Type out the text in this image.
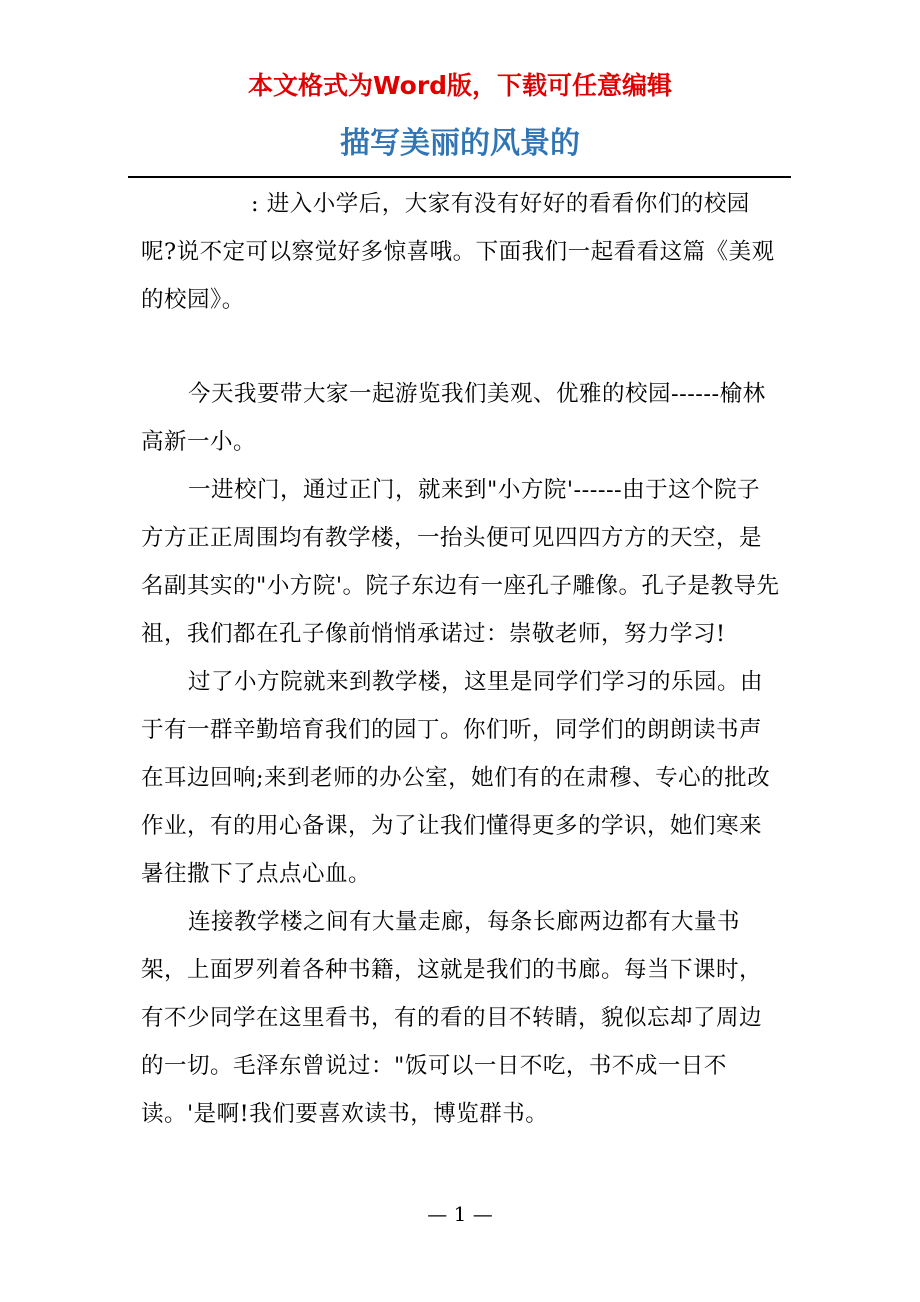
本文格式为Word版，下载可任意编辑
描写美丽的风景的

: 进入小学后，大家有没有好好的看看你们的校园呢?说不定可以察觉好多惊喜哦。下面我们一起看看这篇《美观的校园》。

今天我要带大家一起游览我们美观、优雅的校园------榆林高新一小。

一进校门，通过正门，就来到"小方院'------由于这个院子方方正正周围均有教学楼，一抬头便可见四四方方的天空，是名副其实的"小方院'。院子东边有一座孔子雕像。孔子是教导先祖，我们都在孔子像前悄悄承诺过：崇敬老师，努力学习!

过了小方院就来到教学楼，这里是同学们学习的乐园。由于有一群辛勤培育我们的园丁。你们听，同学们的朗朗读书声在耳边回响;来到老师的办公室，她们有的在肃穆、专心的批改作业，有的用心备课，为了让我们懂得更多的学识，她们寒来暑往撒下了点点心血。

连接教学楼之间有大量走廊，每条长廊两边都有大量书架，上面罗列着各种书籍，这就是我们的书廊。每当下课时，有不少同学在这里看书，有的看的目不转睛，貌似忘却了周边的一切。毛泽东曾说过："饭可以一日不吃，书不成一日不读。'是啊!我们要喜欢读书，博览群书。

— 1 —
